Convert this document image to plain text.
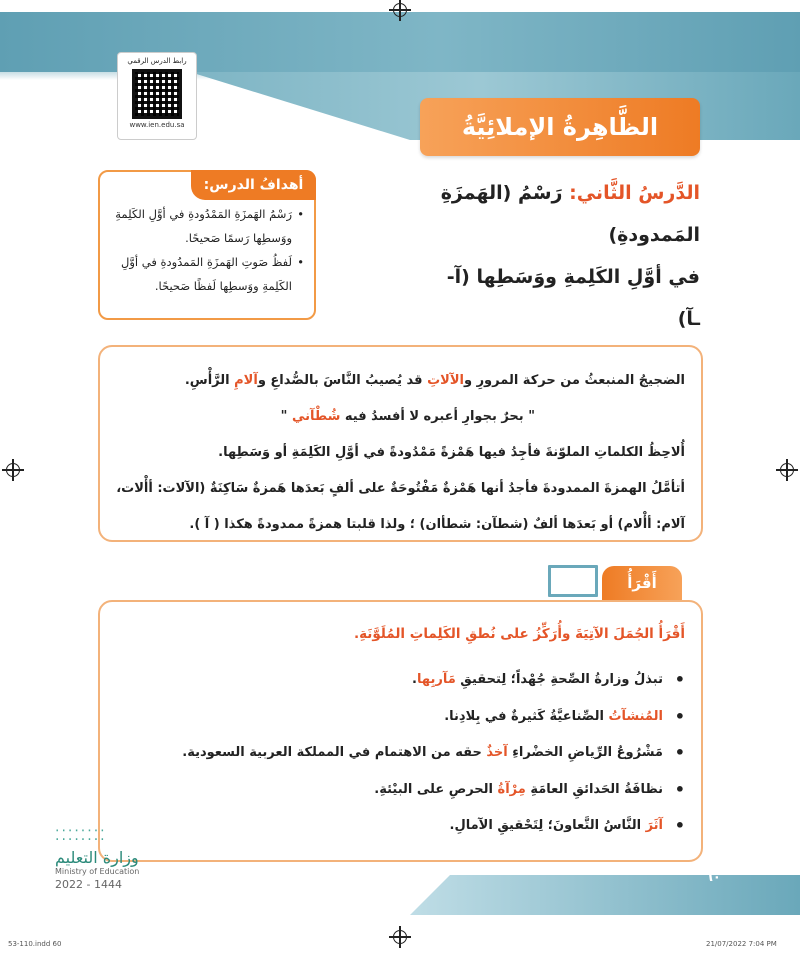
رابط الدرس الرقمي
www.ien.edu.sa	الظَّاهِرةُ الإملائِيَّةُ
الدَّرسُ الثَّاني: رَسْمُ (الهَمزَةِ المَمدودةِ)
في أوَّلِ الكَلِمةِ ووَسَطِها (آ- ـآ)
أهدافُ الدرس:
• رَسْمُ الهَمزَةِ المَمْدُودةِ في أوَّلِ الكَلِمةِ ووَسطِها رَسمًا صَحيحًا.
• لَفظُ صَوتِ الهَمزَةِ المَمدُودةِ في أوَّلِ الكَلِمةِ ووَسطِها لَفظًا صَحيحًا.
الضجيجُ المنبعثُ من حركة المرورِ والآلاتِ قد يُصيبُ النَّاسَ بالصُّداعِ وآلامِ الرَّأْسِ.
" بحرٌ بجوارِ أعبره لا أفسدُ فيه شُطْآني "
أُلاحِظُ الكلماتِ الملوّنةَ فأجِدُ فيها هَمْزةً مَمْدُودةً في أوَّلِ الكَلِمَةِ أو وَسَطِها.
أتأمَّلُ الهمزةَ الممدودةَ فأجدُ أنها هَمْزةٌ مَفْتُوحَةٌ على ألفٍ بَعدَها هَمزةٌ سَاكِنَةٌ (الآلات: أأْلات،
آلام: أأْلام) أو بَعدَها ألفٌ (شطآن: شطأان) ؛ ولذا قلبتا همزةً ممدودةً هكذا ( آ ).
أَقْرَأُ
أَقْرَأُ الجُمَلَ الآتِيَةَ وأُرَكِّزُ على نُطقِ الكَلِماتِ المُلَوَّنَةِ.
• تبذلُ وزارةُ الصِّحةِ جُهْداً؛ لِتحقيقِ مَآربِها.
• المُنشآتُ الصِّناعيَّةُ كَثيرةٌ في بِلادِنا.
• مَشْرُوعُ الرِّياضِ الخضْراءِ آخذٌ حقه من الاهتمام في المملكة العربية السعودية.
• نظافَةُ الحَدائقِ العامَةِ مِرْآةُ الحرصِ على البيْئةِ.
• آثَرَ النَّاسُ التَّعاونَ؛ لِتَحْقيقِ الآمالِ.
⁚⁚⁚⁚⁚⁚⁚⁚
وزارة التعليم
Ministry of Education
2022 - 1444	٦٠
53-110.indd 60	21/07/2022 7:04 PM
